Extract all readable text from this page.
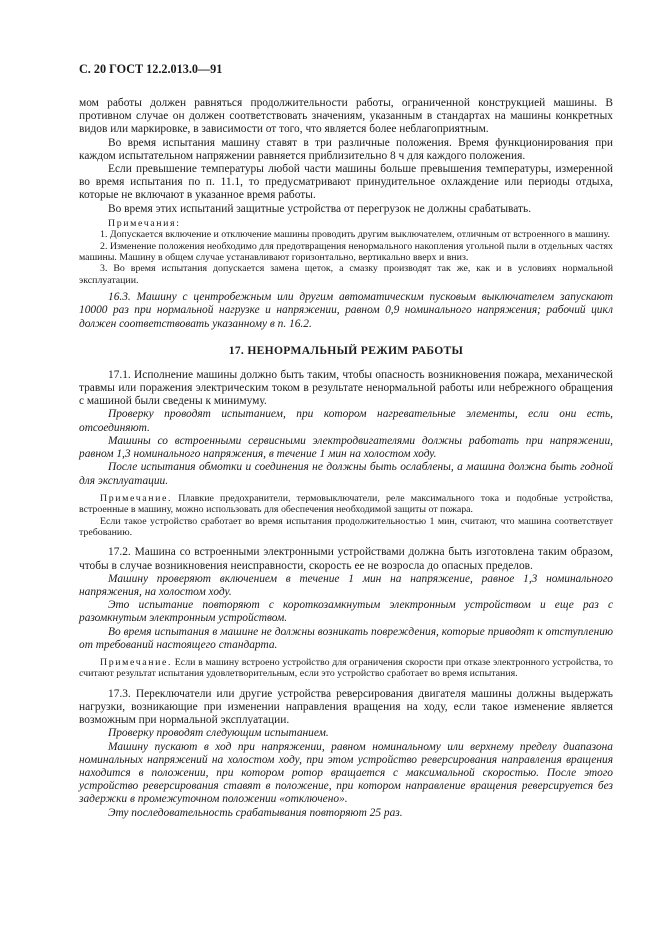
С. 20 ГОСТ 12.2.013.0—91

мом работы должен равняться продолжительности работы, ограниченной конструкцией машины. В противном случае он должен соответствовать значениям, указанным в стандартах на машины конкретных видов или маркировке, в зависимости от того, что является более неблагоприятным.

Во время испытания машину ставят в три различные положения. Время функционирования при каждом испытательном напряжении равняется приблизительно 8 ч для каждого положения.

Если превышение температуры любой части машины больше превышения температуры, измеренной во время испытания по п. 11.1, то предусматривают принудительное охлаждение или периоды отдыха, которые не включают в указанное время работы.

Во время этих испытаний защитные устройства от перегрузок не должны срабатывать.

Примечания:

1. Допускается включение и отключение машины проводить другим выключателем, отличным от встроенного в машину.

2. Изменение положения необходимо для предотвращения ненормального накопления угольной пыли в отдельных частях машины. Машину в общем случае устанавливают горизонтально, вертикально вверх и вниз.

3. Во время испытания допускается замена щеток, а смазку производят так же, как и в условиях нормальной эксплуатации.

16.3. Машину с центробежным или другим автоматическим пусковым выключателем запускают 10000 раз при нормальной нагрузке и напряжении, равном 0,9 номинального напряжения; рабочий цикл должен соответствовать указанному в п. 16.2.

17. НЕНОРМАЛЬНЫЙ РЕЖИМ РАБОТЫ

17.1. Исполнение машины должно быть таким, чтобы опасность возникновения пожара, механической травмы или поражения электрическим током в результате ненормальной работы или небрежного обращения с машиной были сведены к минимуму.

Проверку проводят испытанием, при котором нагревательные элементы, если они есть, отсоединяют.

Машины со встроенными сервисными электродвигателями должны работать при напряжении, равном 1,3 номинального напряжения, в течение 1 мин на холостом ходу.

После испытания обмотки и соединения не должны быть ослаблены, а машина должна быть годной для эксплуатации.

Примечание. Плавкие предохранители, термовыключатели, реле максимального тока и подобные устройства, встроенные в машину, можно использовать для обеспечения необходимой защиты от пожара.

Если такое устройство сработает во время испытания продолжительностью 1 мин, считают, что машина соответствует требованию.

17.2. Машина со встроенными электронными устройствами должна быть изготовлена таким образом, чтобы в случае возникновения неисправности, скорость ее не возросла до опасных пределов.

Машину проверяют включением в течение 1 мин на напряжение, равное 1,3 номинального напряжения, на холостом ходу.

Это испытание повторяют с короткозамкнутым электронным устройством и еще раз с разомкнутым электронным устройством.

Во время испытания в машине не должны возникать повреждения, которые приводят к отступлению от требований настоящего стандарта.

Примечание. Если в машину встроено устройство для ограничения скорости при отказе электронного устройства, то считают результат испытания удовлетворительным, если это устройство сработает во время испытания.

17.3. Переключатели или другие устройства реверсирования двигателя машины должны выдержать нагрузки, возникающие при изменении направления вращения на ходу, если такое изменение является возможным при нормальной эксплуатации.

Проверку проводят следующим испытанием.

Машину пускают в ход при напряжении, равном номинальному или верхнему пределу диапазона номинальных напряжений на холостом ходу, при этом устройство реверсирования направления вращения находится в положении, при котором ротор вращается с максимальной скоростью. После этого устройство реверсирования ставят в положение, при котором направление вращения реверсируется без задержки в промежуточном положении «отключено».

Эту последовательность срабатывания повторяют 25 раз.
